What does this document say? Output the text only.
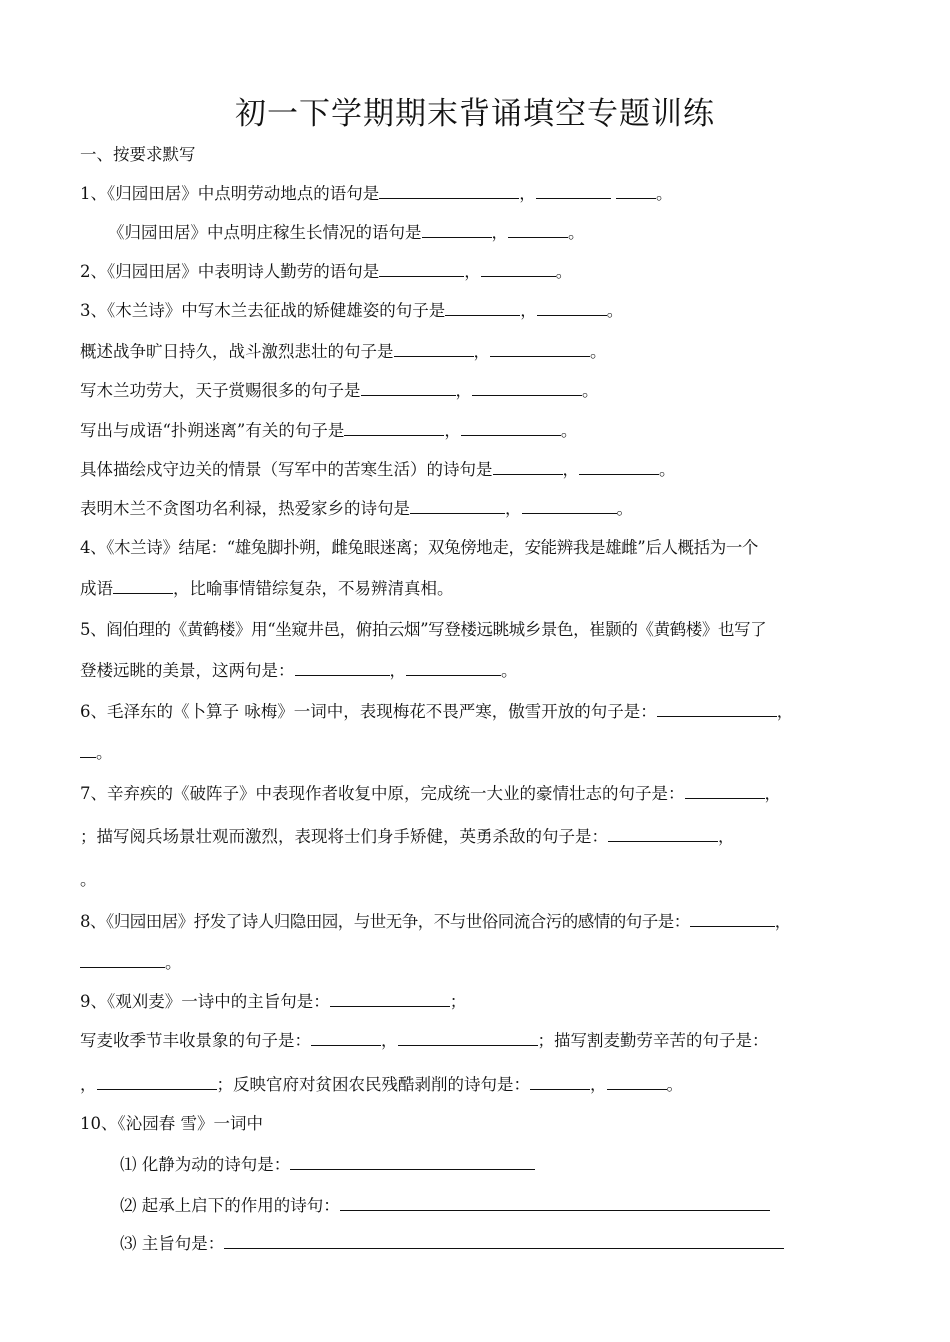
初一下学期期末背诵填空专题训练
一、按要求默写
1、《归园田居》中点明劳动地点的语句是	，	。
《归园田居》中点明庄稼生长情况的语句是	，	。
2、《归园田居》中表明诗人勤劳的语句是	，	。
3、《木兰诗》中写木兰去征战的矫健雄姿的句子是	，	。
概述战争旷日持久，战斗激烈悲壮的句子是	，	。
写木兰功劳大，天子赏赐很多的句子是	，	。
写出与成语“扑朔迷离”有关的句子是	，	。
具体描绘戍守边关的情景（写军中的苦寒生活）的诗句是	，	。
表明木兰不贪图功名利禄，热爱家乡的诗句是	，	。
4、《木兰诗》结尾：“雄兔脚扑朔，雌兔眼迷离；双兔傍地走，安能辨我是雄雌”后人概括为一个
成语	，比喻事情错综复杂，不易辨清真相。
5、阎伯理的《黄鹤楼》用“坐窥井邑，俯拍云烟”写登楼远眺城乡景色，崔颢的《黄鹤楼》也写了
登楼远眺的美景，这两句是：	，	。
6、毛泽东的《卜算子 咏梅》一词中，表现梅花不畏严寒，傲雪开放的句子是：	，
。
7、辛弃疾的《破阵子》中表现作者收复中原，完成统一大业的豪情壮志的句子是：	，
；描写阅兵场景壮观而激烈，表现将士们身手矫健，英勇杀敌的句子是：	，
。
8、《归园田居》抒发了诗人归隐田园，与世无争，不与世俗同流合污的感情的句子是：	，
。
9、《观刈麦》一诗中的主旨句是：	；
写麦收季节丰收景象的句子是：	，	；描写割麦勤劳辛苦的句子是：
，	；反映官府对贫困农民残酷剥削的诗句是：	，	。
10、《沁园春 雪》一词中
⑴ 化静为动的诗句是：
⑵ 起承上启下的作用的诗句：
⑶ 主旨句是：
